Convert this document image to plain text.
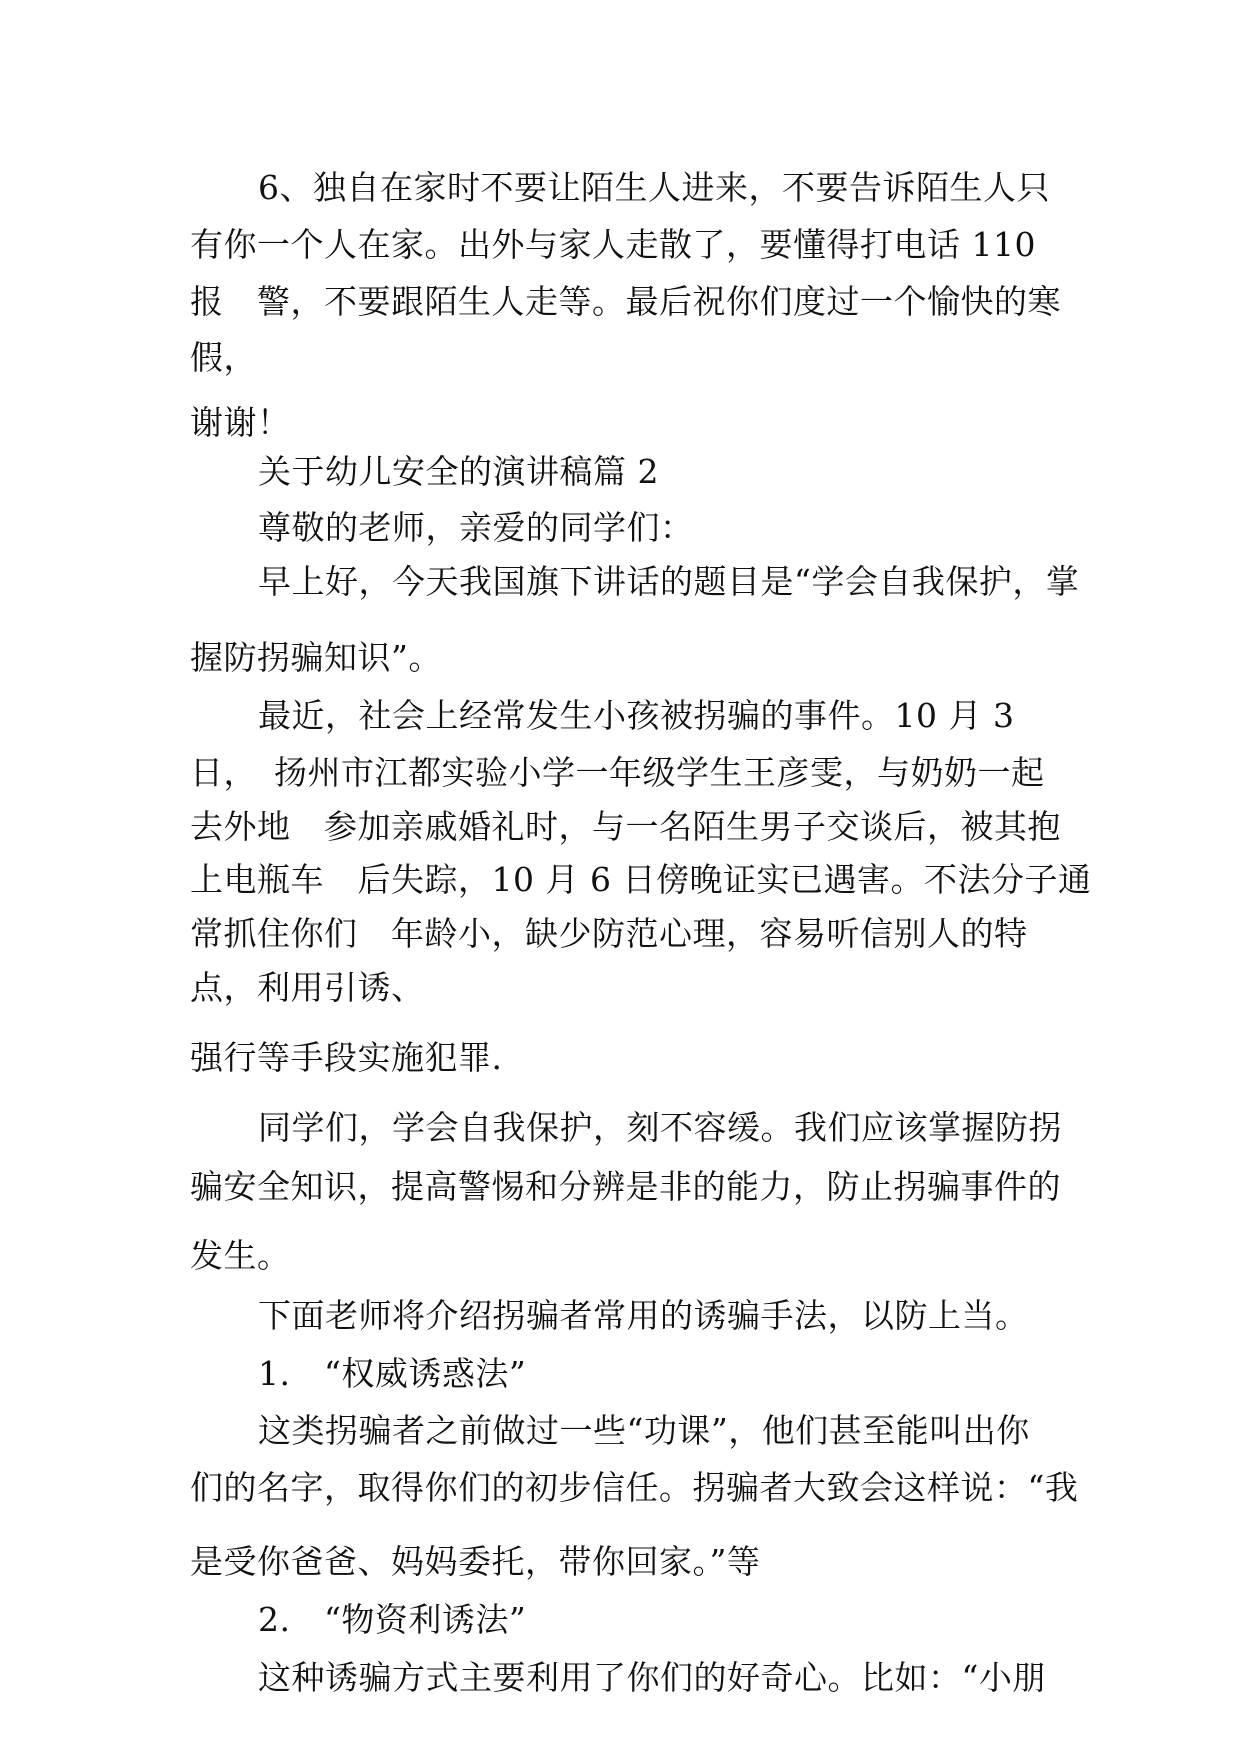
6、独自在家时不要让陌生人进来，不要告诉陌生人只

有你一个人在家。出外与家人走散了，要懂得打电话 110

报　警，不要跟陌生人走等。最后祝你们度过一个愉快的寒

假，

谢谢！

关于幼儿安全的演讲稿篇 2

尊敬的老师，亲爱的同学们：

早上好，今天我国旗下讲话的题目是“学会自我保护，掌

握防拐骗知识”。

最近，社会上经常发生小孩被拐骗的事件。10 月 3

日，　扬州市江都实验小学一年级学生王彦雯，与奶奶一起

去外地　参加亲戚婚礼时，与一名陌生男子交谈后，被其抱

上电瓶车　后失踪，10 月 6 日傍晚证实已遇害。不法分子通

常抓住你们　年龄小，缺少防范心理，容易听信别人的特

点，利用引诱、

强行等手段实施犯罪.

同学们，学会自我保护，刻不容缓。我们应该掌握防拐

骗安全知识，提高警惕和分辨是非的能力，防止拐骗事件的

发生。

下面老师将介绍拐骗者常用的诱骗手法，以防上当。

1.　“权威诱惑法”

这类拐骗者之前做过一些“功课”，他们甚至能叫出你

们的名字，取得你们的初步信任。拐骗者大致会这样说：“我

是受你爸爸、妈妈委托，带你回家。”等

2.　“物资利诱法”

这种诱骗方式主要利用了你们的好奇心。比如：“小朋
